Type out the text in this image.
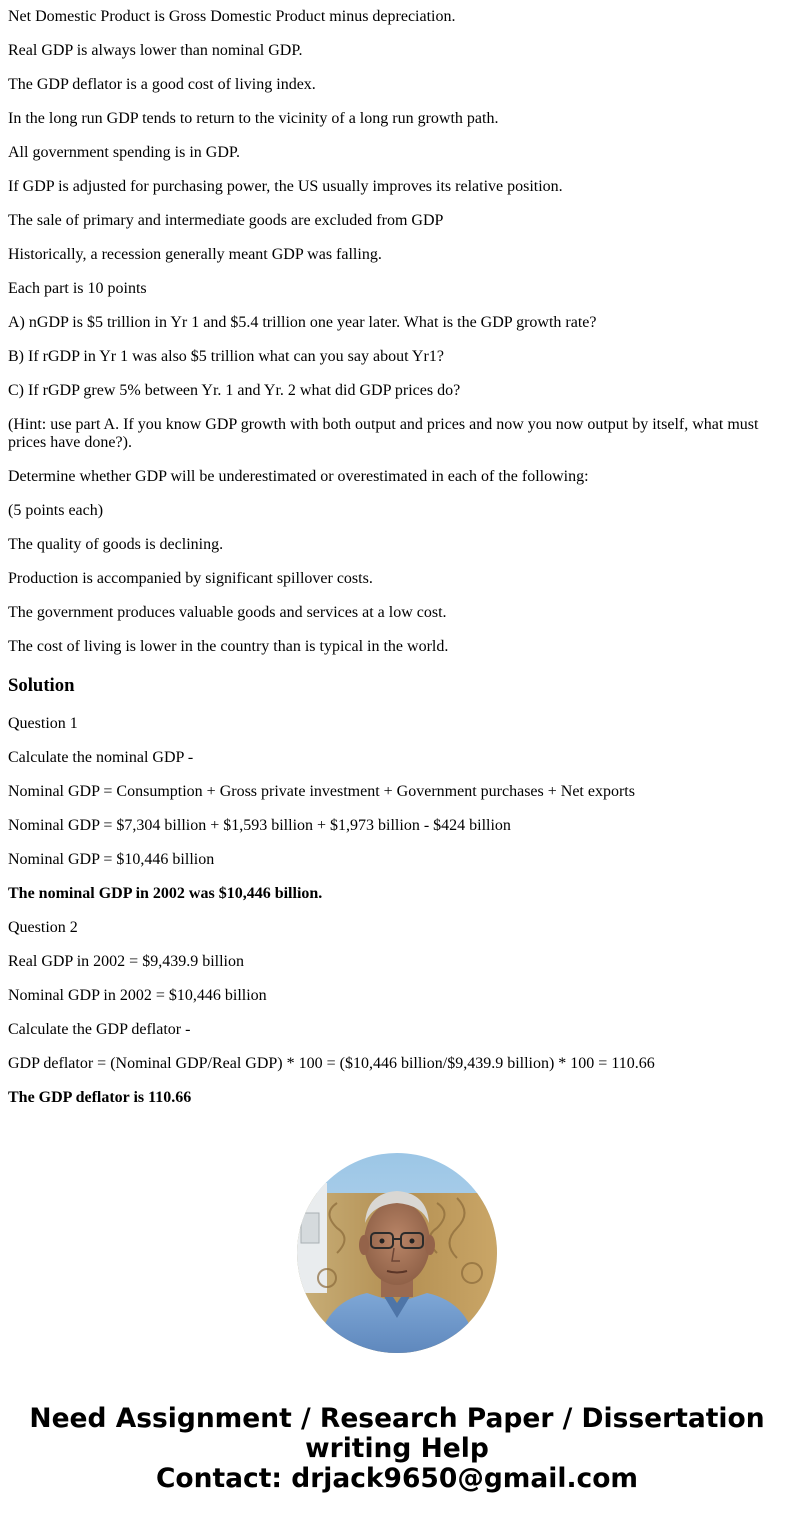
Net Domestic Product is Gross Domestic Product minus depreciation.

Real GDP is always lower than nominal GDP.

The GDP deflator is a good cost of living index.

In the long run GDP tends to return to the vicinity of a long run growth path.

All government spending is in GDP.

If GDP is adjusted for purchasing power, the US usually improves its relative position.

The sale of primary and intermediate goods are excluded from GDP

Historically, a recession generally meant GDP was falling.

Each part is 10 points

A) nGDP is $5 trillion in Yr 1 and $5.4 trillion one year later. What is the GDP growth rate?

B) If rGDP in Yr 1 was also $5 trillion what can you say about Yr1?

C) If rGDP grew 5% between Yr. 1 and Yr. 2 what did GDP prices do?

(Hint: use part A. If you know GDP growth with both output and prices and now you now output by itself, what must prices have done?).

Determine whether GDP will be underestimated or overestimated in each of the following:

(5 points each)

The quality of goods is declining.

Production is accompanied by significant spillover costs.

The government produces valuable goods and services at a low cost.

The cost of living is lower in the country than is typical in the world.

Solution

Question 1

Calculate the nominal GDP -

Nominal GDP = Consumption + Gross private investment + Government purchases + Net exports

Nominal GDP = $7,304 billion + $1,593 billion + $1,973 billion - $424 billion

Nominal GDP = $10,446 billion

The nominal GDP in 2002 was $10,446 billion.

Question 2

Real GDP in 2002 = $9,439.9 billion

Nominal GDP in 2002 = $10,446 billion

Calculate the GDP deflator -

GDP deflator = (Nominal GDP/Real GDP) * 100 = ($10,446 billion/$9,439.9 billion) * 100 = 110.66

The GDP deflator is 110.66

Need Assignment / Research Paper / Dissertation
writing Help
Contact: drjack9650@gmail.com
